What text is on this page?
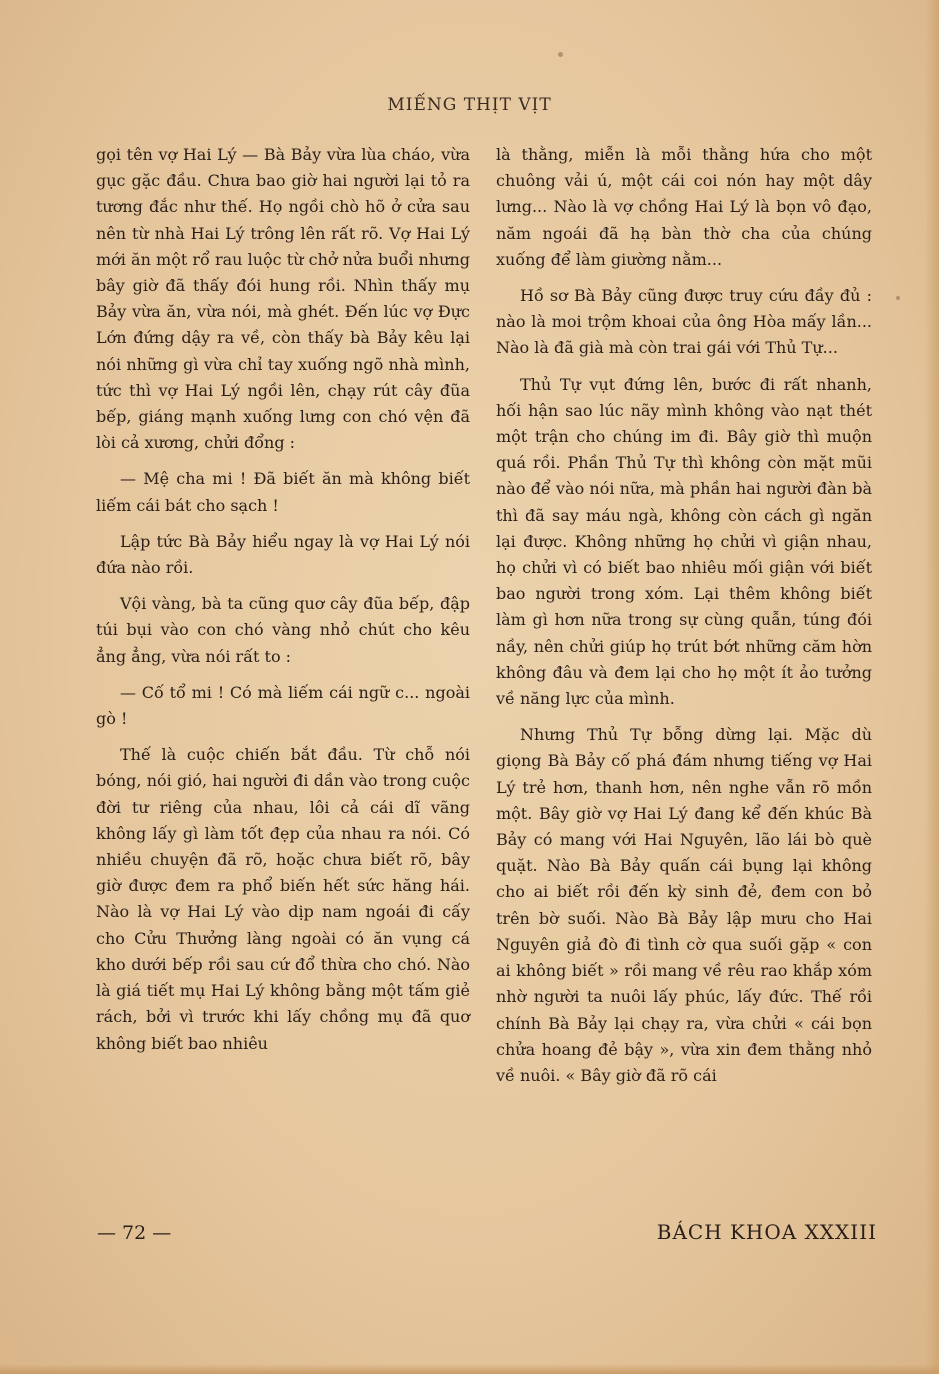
MIẾNG THỊT VỊT

gọi tên vợ Hai Lý — Bà Bảy vừa lùa cháo, vừa gục gặc đầu. Chưa bao giờ hai người lại tỏ ra tương đắc như thế. Họ ngồi chò hõ ở cửa sau nên từ nhà Hai Lý trông lên rất rõ. Vợ Hai Lý mới ăn một rổ rau luộc từ chở nửa buổi nhưng bây giờ đã thấy đói hung rồi. Nhìn thấy mụ Bảy vừa ăn, vừa nói, mà ghét. Đến lúc vợ Đực Lớn đứng dậy ra về, còn thấy bà Bảy kêu lại nói những gì vừa chỉ tay xuống ngõ nhà mình, tức thì vợ Hai Lý ngồi lên, chạy rút cây đũa bếp, giáng mạnh xuống lưng con chó vện đã lòi cả xương, chửi đổng :

— Mệ cha mi ! Đã biết ăn mà không biết liếm cái bát cho sạch !

Lập tức Bà Bảy hiểu ngay là vợ Hai Lý nói đứa nào rồi.

Vội vàng, bà ta cũng quơ cây đũa bếp, đập túi bụi vào con chó vàng nhỏ chút cho kêu ẳng ẳng, vừa nói rất to :

— Cố tổ mi ! Có mà liếm cái ngữ c... ngoài gò !

Thế là cuộc chiến bắt đầu. Từ chỗ nói bóng, nói gió, hai người đi dần vào trong cuộc đời tư riêng của nhau, lôi cả cái dĩ vãng không lấy gì làm tốt đẹp của nhau ra nói. Có nhiều chuyện đã rõ, hoặc chưa biết rõ, bây giờ được đem ra phổ biến hết sức hăng hái. Nào là vợ Hai Lý vào dịp nam ngoái đi cấy cho Cửu Thưởng làng ngoài có ăn vụng cá kho dưới bếp rồi sau cứ đổ thừa cho chó. Nào là giá tiết mụ Hai Lý không bằng một tấm giẻ rách, bởi vì trước khi lấy chồng mụ đã quơ không biết bao nhiêu

là thằng, miễn là mỗi thằng hứa cho một chuông vải ú, một cái coi nón hay một dây lưng... Nào là vợ chồng Hai Lý là bọn vô đạo, năm ngoái đã hạ bàn thờ cha của chúng xuống để làm giường nằm...

Hồ sơ Bà Bảy cũng được truy cứu đầy đủ : nào là moi trộm khoai của ông Hòa mấy lần... Nào là đã già mà còn trai gái với Thủ Tự...

Thủ Tự vụt đứng lên, bước đi rất nhanh, hối hận sao lúc nãy mình không vào nạt thét một trận cho chúng im đi. Bây giờ thì muộn quá rồi. Phần Thủ Tự thì không còn mặt mũi nào để vào nói nữa, mà phần hai người đàn bà thì đã say máu ngà, không còn cách gì ngăn lại được. Không những họ chửi vì giận nhau, họ chửi vì có biết bao nhiêu mối giận với biết bao người trong xóm. Lại thêm không biết làm gì hơn nữa trong sự cùng quẫn, túng đói nầy, nên chửi giúp họ trút bớt những căm hờn không đâu và đem lại cho họ một ít ảo tưởng về năng lực của mình.

Nhưng Thủ Tự bỗng dừng lại. Mặc dù giọng Bà Bảy cố phá đám nhưng tiếng vợ Hai Lý trẻ hơn, thanh hơn, nên nghe vẫn rõ mồn một. Bây giờ vợ Hai Lý đang kể đến khúc Bà Bảy có mang với Hai Nguyên, lão lái bò què quặt. Nào Bà Bảy quấn cái bụng lại không cho ai biết rồi đến kỳ sinh đẻ, đem con bỏ trên bờ suối. Nào Bà Bảy lập mưu cho Hai Nguyên giả đò đi tình cờ qua suối gặp « con ai không biết » rồi mang về rêu rao khắp xóm nhờ người ta nuôi lấy phúc, lấy đức. Thế rồi chính Bà Bảy lại chạy ra, vừa chửi « cái bọn chửa hoang đẻ bậy », vừa xin đem thằng nhỏ về nuôi. « Bây giờ đã rõ cái

— 72 —	BÁCH KHOA XXXIII
